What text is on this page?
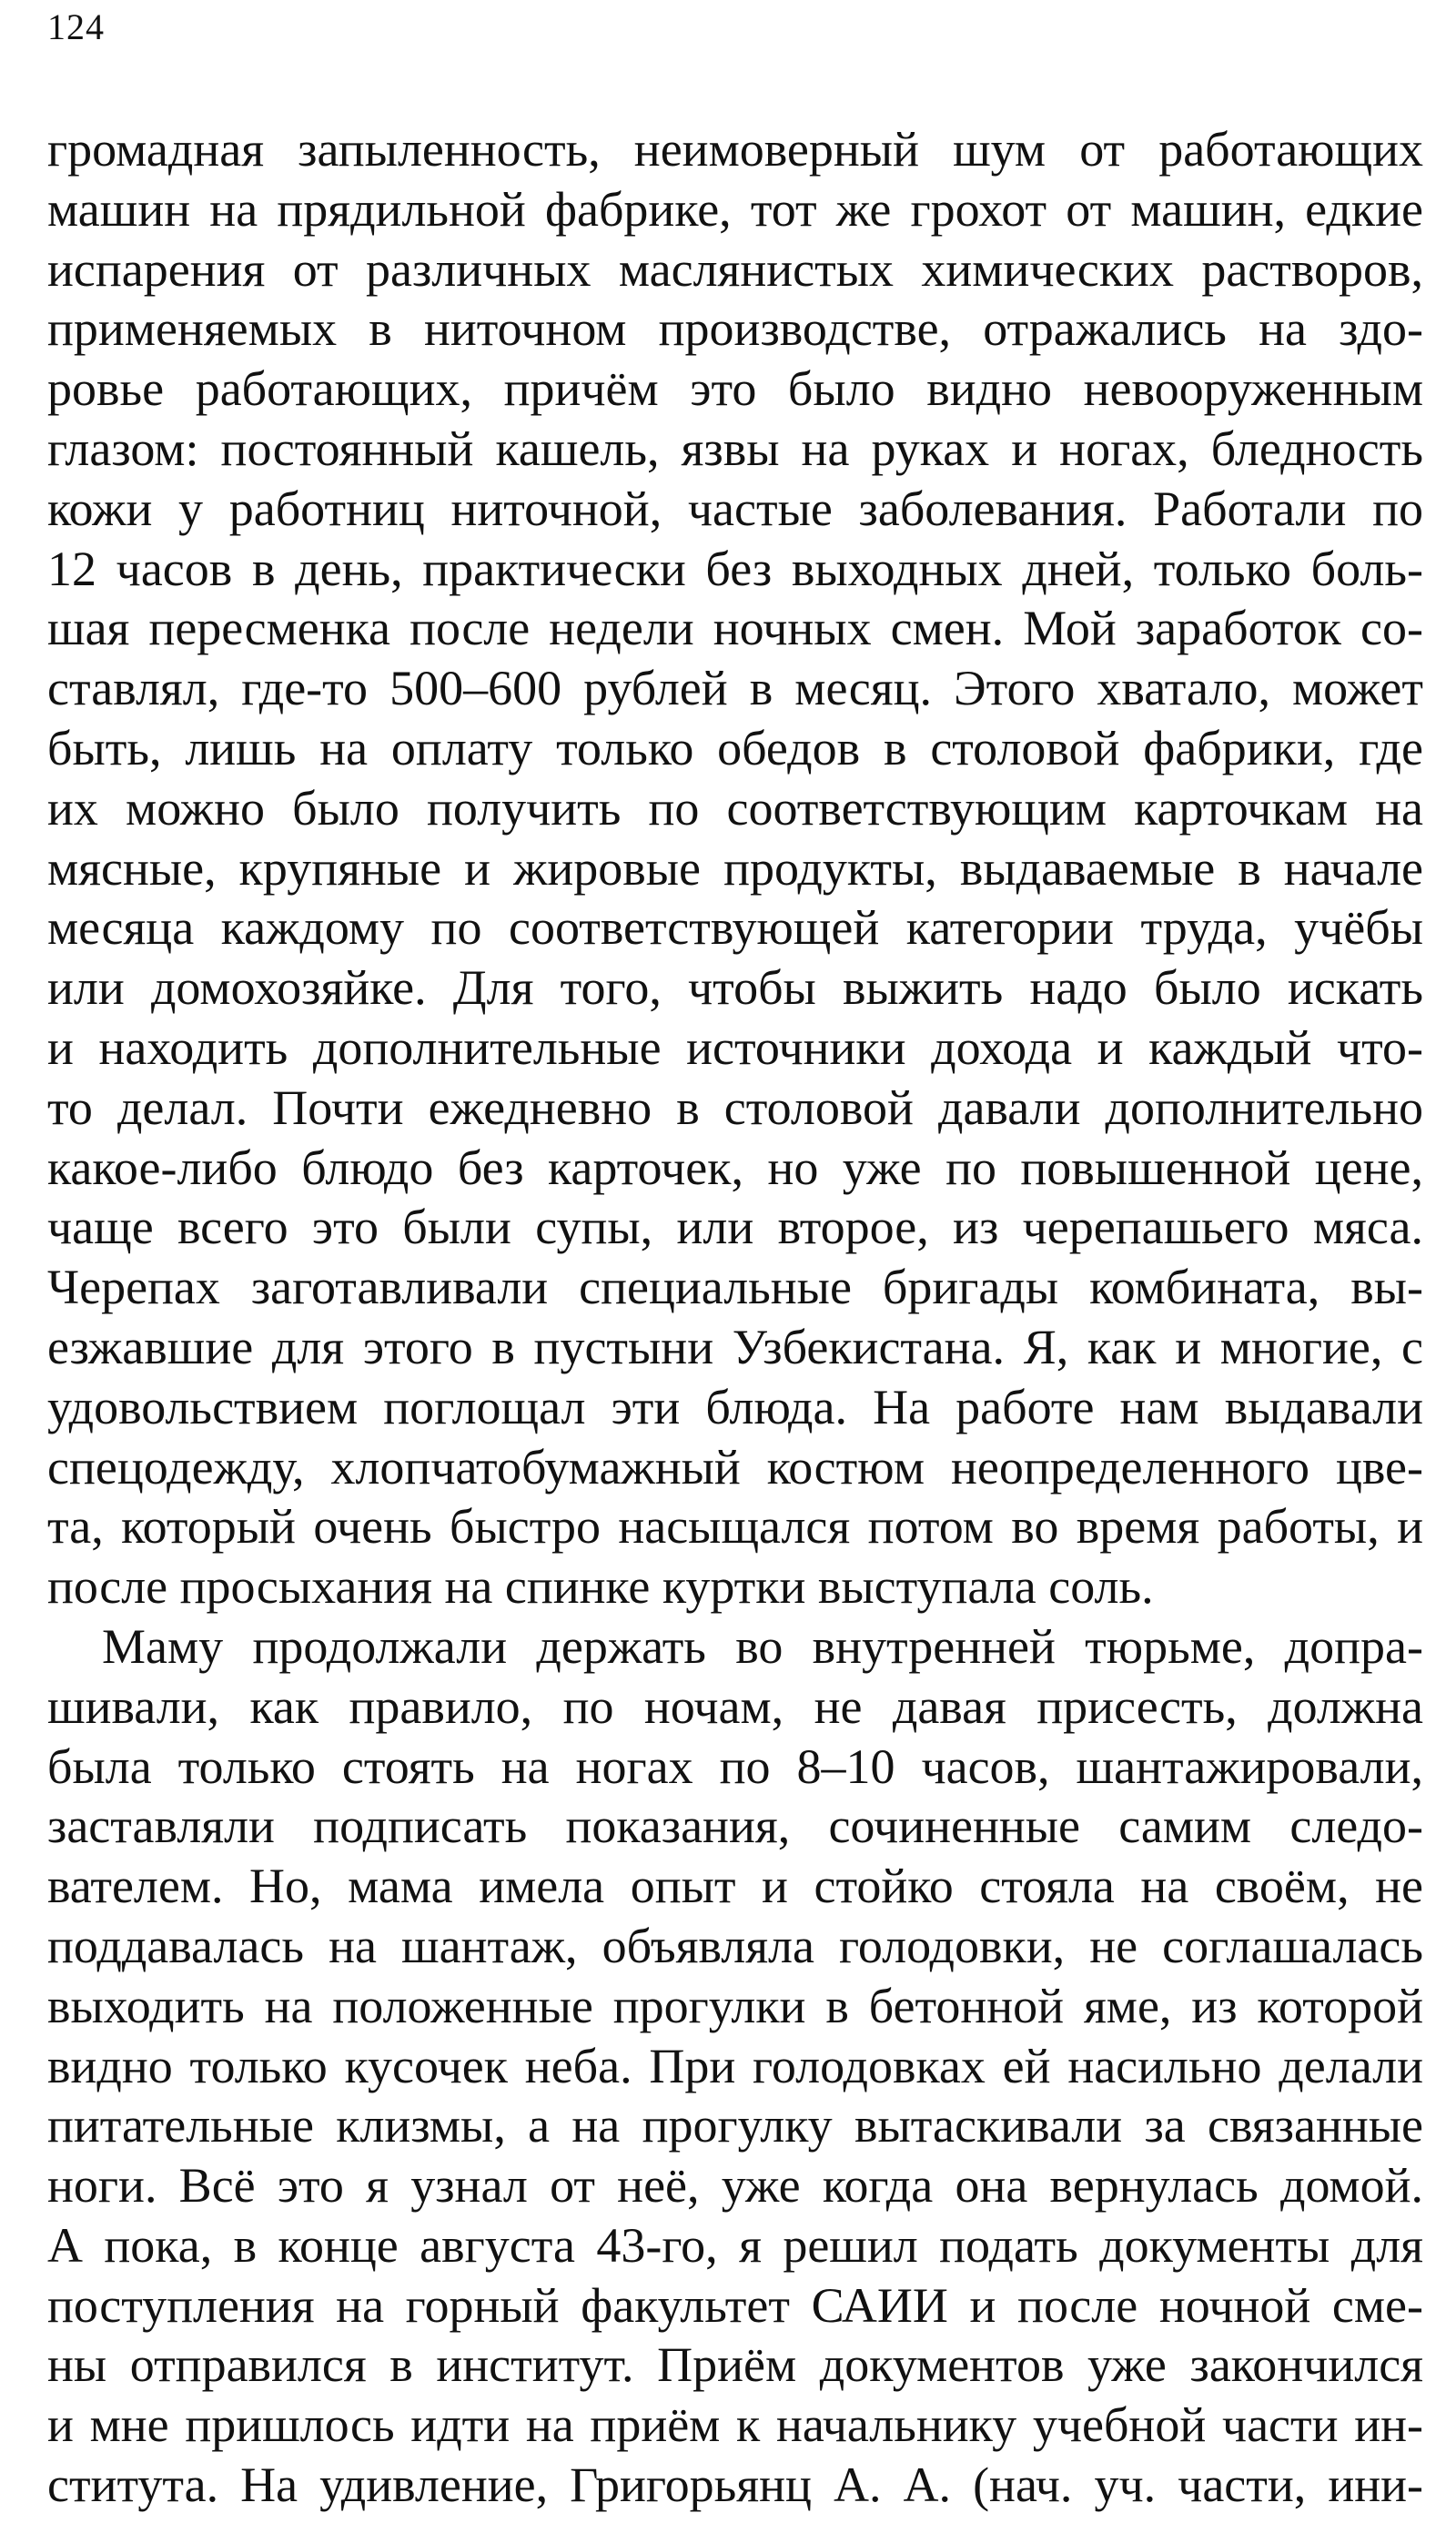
124
громадная запыленность, неимоверный шум от работающих
машин на прядильной фабрике, тот же грохот от машин, едкие
испарения от различных маслянистых химических растворов,
применяемых в ниточном производстве, отражались на здо-
ровье работающих, причём это было видно невооруженным
глазом: постоянный кашель, язвы на руках и ногах, бледность
кожи у работниц ниточной, частые заболевания. Работали по
12 часов в день, практически без выходных дней, только боль-
шая пересменка после недели ночных смен. Мой заработок со-
ставлял, где-то 500–600 рублей в месяц. Этого хватало, может
быть, лишь на оплату только обедов в столовой фабрики, где
их можно было получить по соответствующим карточкам на
мясные, крупяные и жировые продукты, выдаваемые в начале
месяца каждому по соответствующей категории труда, учёбы
или домохозяйке. Для того, чтобы выжить надо было искать
и находить дополнительные источники дохода и каждый что-
то делал. Почти ежедневно в столовой давали дополнительно
какое-либо блюдо без карточек, но уже по повышенной цене,
чаще всего это были супы, или второе, из черепашьего мяса.
Черепах заготавливали специальные бригады комбината, вы-
езжавшие для этого в пустыни Узбекистана. Я, как и многие, с
удовольствием поглощал эти блюда. На работе нам выдавали
спецодежду, хлопчатобумажный костюм неопределенного цве-
та, который очень быстро насыщался потом во время работы, и
после просыхания на спинке куртки выступала соль.
Маму продолжали держать во внутренней тюрьме, допра-
шивали, как правило, по ночам, не давая присесть, должна
была только стоять на ногах по 8–10 часов, шантажировали,
заставляли подписать показания, сочиненные самим следо-
вателем. Но, мама имела опыт и стойко стояла на своём, не
поддавалась на шантаж, объявляла голодовки, не соглашалась
выходить на положенные прогулки в бетонной яме, из которой
видно только кусочек неба. При голодовках ей насильно делали
питательные клизмы, а на прогулку вытаскивали за связанные
ноги. Всё это я узнал от неё, уже когда она вернулась домой.
А пока, в конце августа 43-го, я решил подать документы для
поступления на горный факультет САИИ и после ночной сме-
ны отправился в институт. Приём документов уже закончился
и мне пришлось идти на приём к начальнику учебной части ин-
ститута. На удивление, Григорьянц А. А. (нач. уч. части, ини-
